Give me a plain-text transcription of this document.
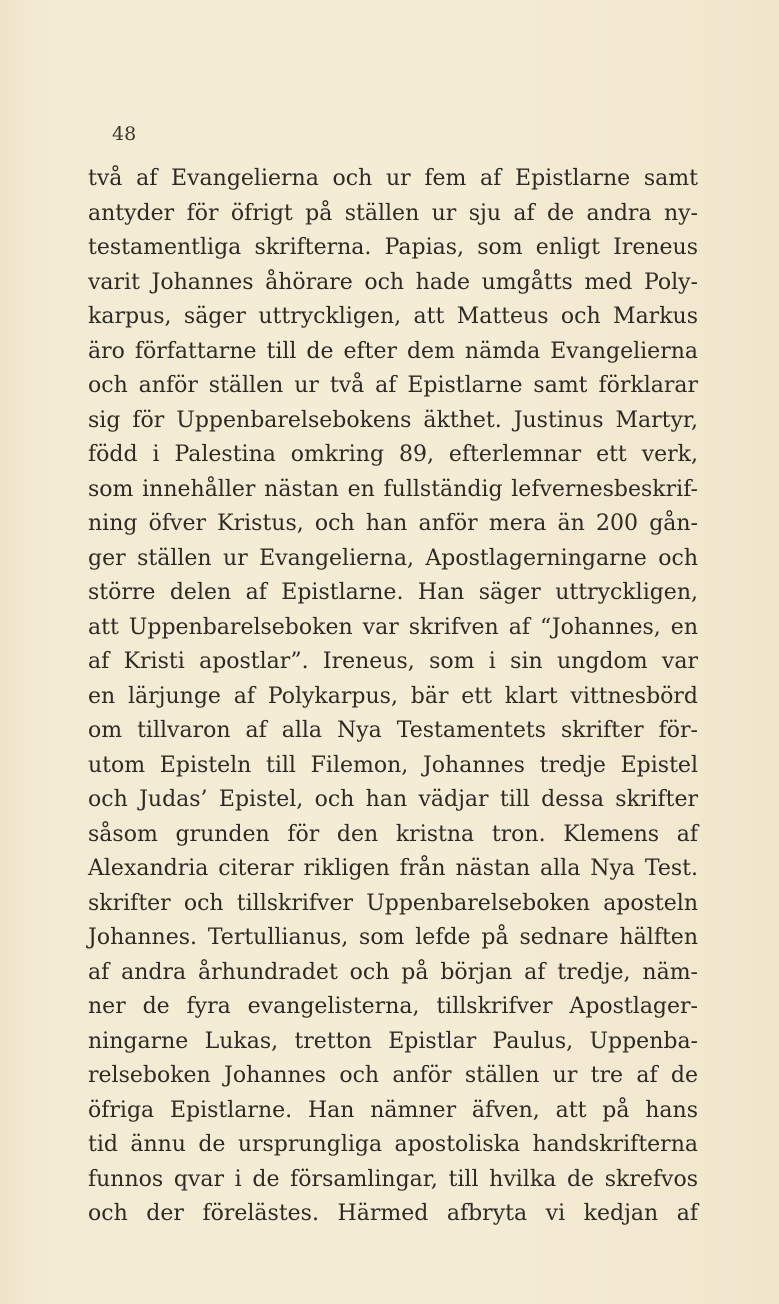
48
två af Evangelierna och ur fem af Epistlarne samt
antyder för öfrigt på ställen ur sju af de andra ny-
testamentliga skrifterna. Papias, som enligt Ireneus
varit Johannes åhörare och hade umgåtts med Poly-
karpus, säger uttryckligen, att Matteus och Markus
äro författarne till de efter dem nämda Evangelierna
och anför ställen ur två af Epistlarne samt förklarar
sig för Uppenbarelsebokens äkthet. Justinus Martyr,
född i Palestina omkring 89, efterlemnar ett verk,
som innehåller nästan en fullständig lefvernesbeskrif-
ning öfver Kristus, och han anför mera än 200 gån-
ger ställen ur Evangelierna, Apostlagerningarne och
större delen af Epistlarne. Han säger uttryckligen,
att Uppenbarelseboken var skrifven af “Johannes, en
af Kristi apostlar”. Ireneus, som i sin ungdom var
en lärjunge af Polykarpus, bär ett klart vittnesbörd
om tillvaron af alla Nya Testamentets skrifter för-
utom Episteln till Filemon, Johannes tredje Epistel
och Judas’ Epistel, och han vädjar till dessa skrifter
såsom grunden för den kristna tron. Klemens af
Alexandria citerar rikligen från nästan alla Nya Test.
skrifter och tillskrifver Uppenbarelseboken aposteln
Johannes. Tertullianus, som lefde på sednare hälften
af andra århundradet och på början af tredje, näm-
ner de fyra evangelisterna, tillskrifver Apostlager-
ningarne Lukas, tretton Epistlar Paulus, Uppenba-
relseboken Johannes och anför ställen ur tre af de
öfriga Epistlarne. Han nämner äfven, att på hans
tid ännu de ursprungliga apostoliska handskrifterna
funnos qvar i de församlingar, till hvilka de skrefvos
och der förelästes. Härmed afbryta vi kedjan af
